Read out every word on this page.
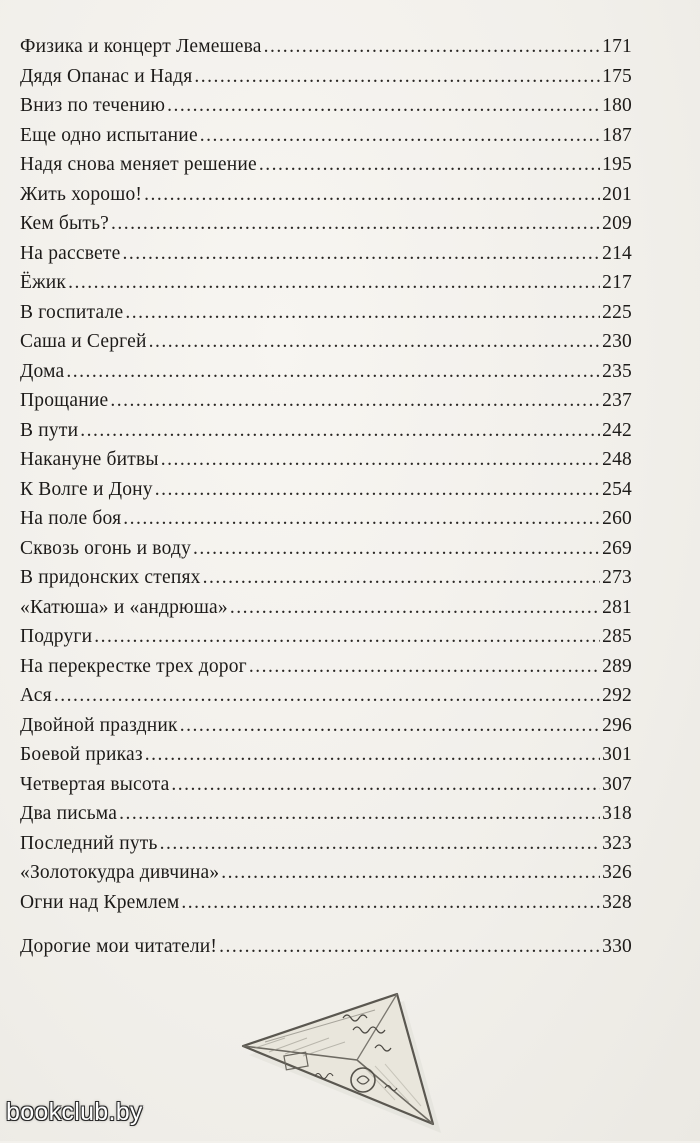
Физика и концерт Лемешева .....	171
Дядя Опанас и Надя .....	175
Вниз по течению .....	180
Еще одно испытание .....	187
Надя снова меняет решение .....	195
Жить хорошо! .....	201
Кем быть? .....	209
На рассвете .....	214
Ёжик .....	217
В госпитале .....	225
Саша и Сергей .....	230
Дома .....	235
Прощание .....	237
В пути .....	242
Накануне битвы .....	248
К Волге и Дону .....	254
На поле боя .....	260
Сквозь огонь и воду .....	269
В придонских степях .....	273
«Катюша» и «андрюша» .....	281
Подруги .....	285
На перекрестке трех дорог .....	289
Ася .....	292
Двойной праздник .....	296
Боевой приказ .....	301
Четвертая высота .....	307
Два письма .....	318
Последний путь .....	323
«Золотокудра дивчина» .....	326
Огни над Кремлем .....	328
Дорогие мои читатели! .....	330
bookclub.by
